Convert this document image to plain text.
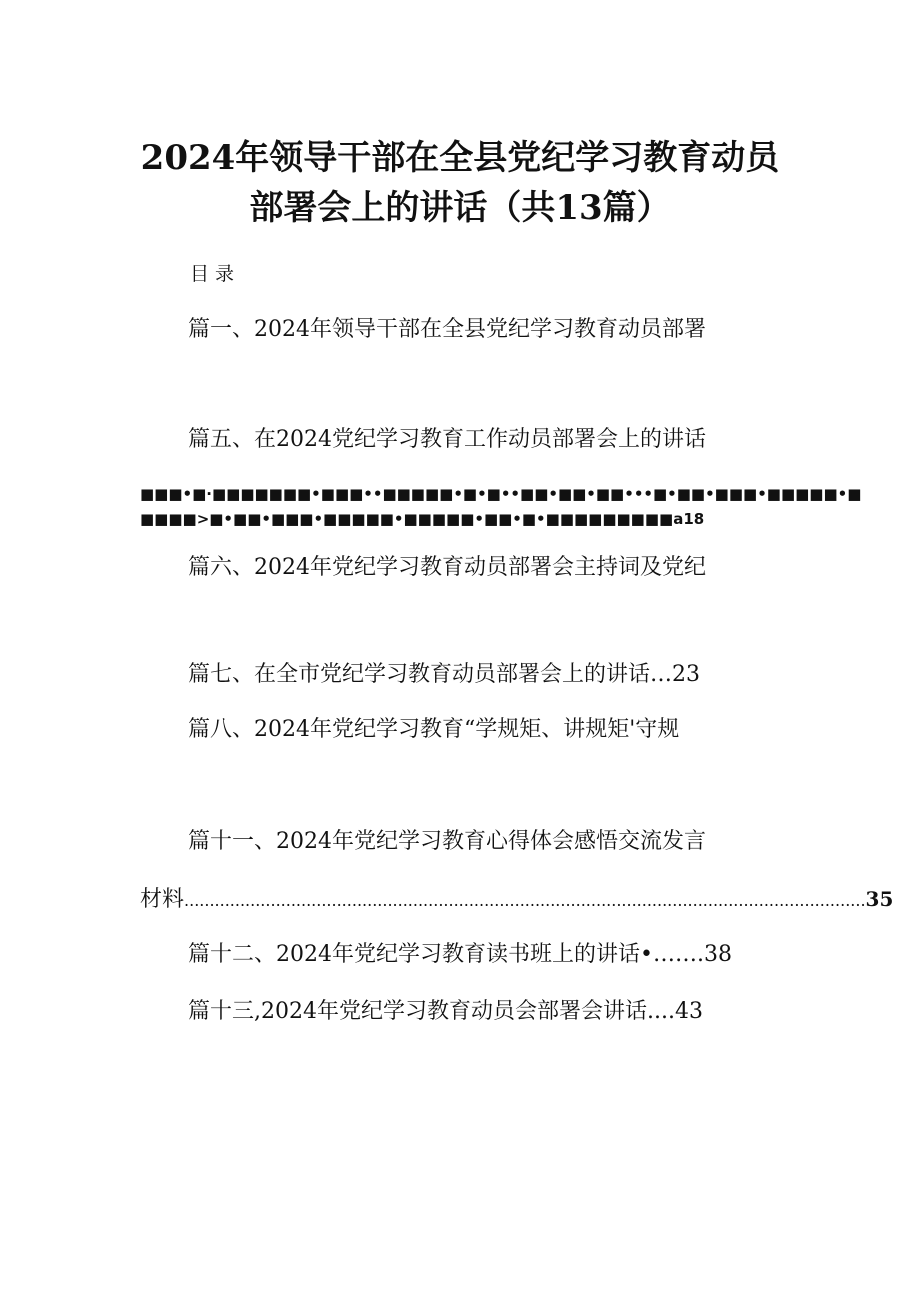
2024年领导干部在全县党纪学习教育动员
部署会上的讲话（共13篇）
目录
篇一、2024年领导干部在全县党纪学习教育动员部署
篇五、在2024党纪学习教育工作动员部署会上的讲话
■■■•■·■■■■■■■•■■■••■■■■■•■•■••■■•■■•■■•••■•■■•■■■•■■■■■•■
■■■■>■•■■•■■■•■■■■■•■■■■■•■■•■•■■■■■■■■■a18
篇六、2024年党纪学习教育动员部署会主持词及党纪
篇七、在全市党纪学习教育动员部署会上的讲话…23
篇八、2024年党纪学习教育“学规矩、讲规矩'守规
篇十一、2024年党纪学习教育心得体会感悟交流发言
材料 ...................................................................................................................................... 35
篇十二、2024年党纪学习教育读书班上的讲话•…….38
篇十三,2024年党纪学习教育动员会部署会讲话....43
